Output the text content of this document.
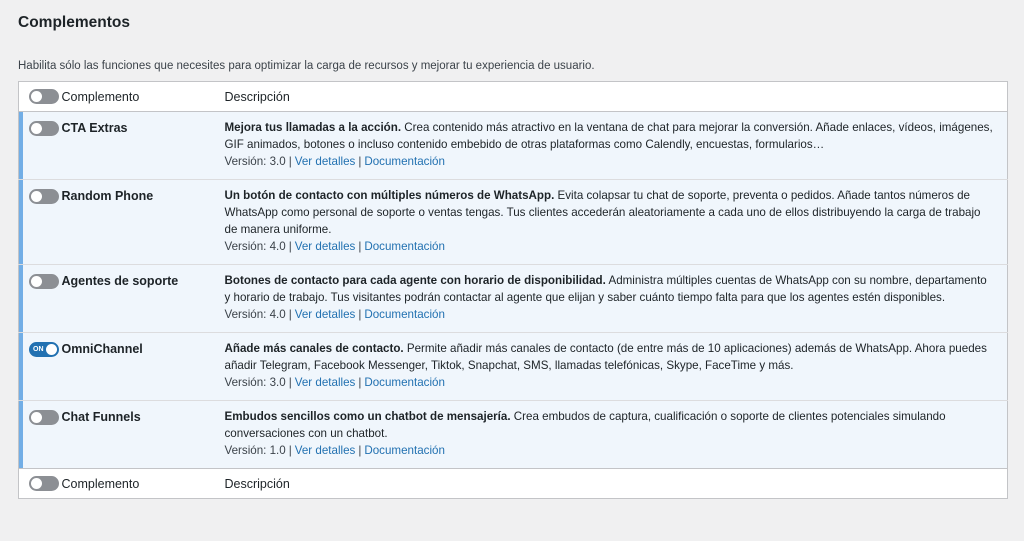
Complementos

Habilita sólo las funciones que necesites para optimizar la carga de recursos y mejorar tu experiencia de usuario.

	Complemento	Descripción

	CTA Extras	Mejora tus llamadas a la acción. Crea contenido más atractivo en la ventana de chat para mejorar la conversión. Añade enlaces, vídeos, imágenes, GIF animados, botones o incluso contenido embebido de otras plataformas como Calendly, encuestas, formularios…
Versión: 3.0 | Ver detalles | Documentación

	Random Phone	Un botón de contacto con múltiples números de WhatsApp. Evita colapsar tu chat de soporte, preventa o pedidos. Añade tantos números de WhatsApp como personal de soporte o ventas tengas. Tus clientes accederán aleatoriamente a cada uno de ellos distribuyendo la carga de trabajo de manera uniforme.
Versión: 4.0 | Ver detalles | Documentación

	Agentes de soporte	Botones de contacto para cada agente con horario de disponibilidad. Administra múltiples cuentas de WhatsApp con su nombre, departamento y horario de trabajo. Tus visitantes podrán contactar al agente que elijan y saber cuánto tiempo falta para que los agentes estén disponibles.
Versión: 4.0 | Ver detalles | Documentación

ON	OmniChannel	Añade más canales de contacto. Permite añadir más canales de contacto (de entre más de 10 aplicaciones) además de WhatsApp. Ahora puedes añadir Telegram, Facebook Messenger, Tiktok, Snapchat, SMS, llamadas telefónicas, Skype, FaceTime y más.
Versión: 3.0 | Ver detalles | Documentación

	Chat Funnels	Embudos sencillos como un chatbot de mensajería. Crea embudos de captura, cualificación o soporte de clientes potenciales simulando conversaciones con un chatbot.
Versión: 1.0 | Ver detalles | Documentación

	Complemento	Descripción
